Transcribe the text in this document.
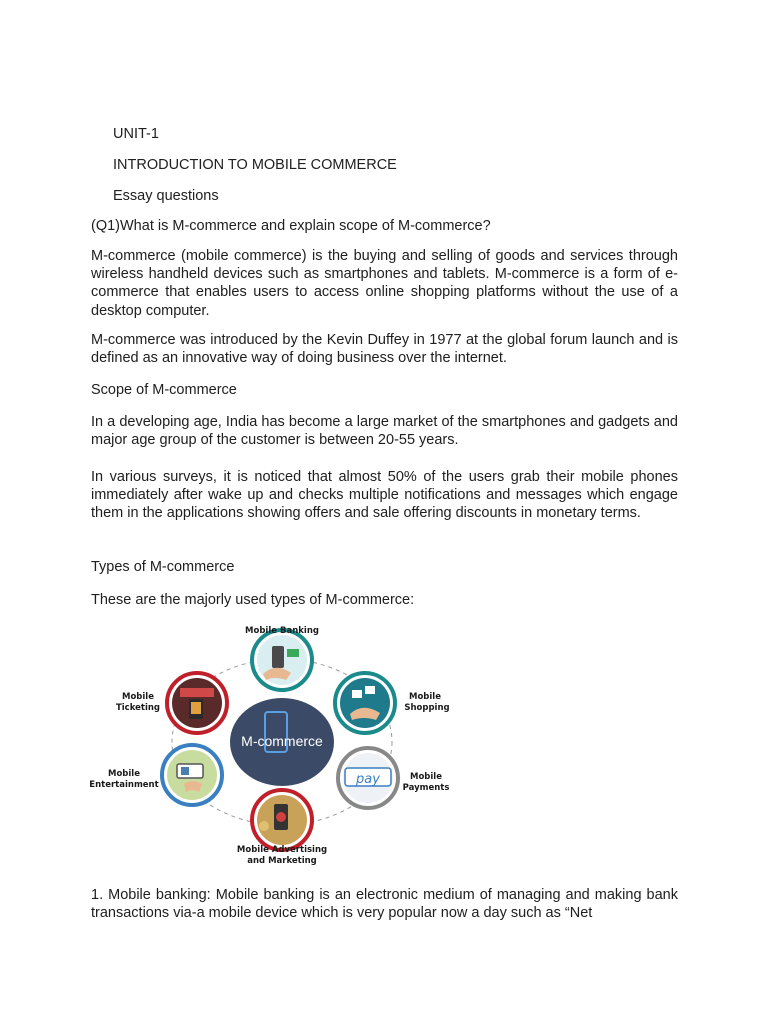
UNIT-1
INTRODUCTION TO MOBILE COMMERCE
Essay questions
(Q1)What is M-commerce and explain scope of M-commerce?

M-commerce (mobile commerce) is the buying and selling of goods and services through wireless handheld devices such as smartphones and tablets. M-commerce is a form of e-commerce that enables users to access online shopping platforms without the use of a desktop computer.

M-commerce was introduced by the Kevin Duffey in 1977 at the global forum launch and is defined as an innovative way of doing business over the internet.

Scope of M-commerce

In a developing age, India has become a large market of the smartphones and gadgets and major age group of the customer is between 20-55 years.

In various surveys, it is noticed that almost 50% of the users grab their mobile phones immediately after wake up and checks multiple notifications and messages which engage them in the applications showing offers and sale offering discounts in monetary terms.

Types of M-commerce
These are the majorly used types of M-commerce:
M-commerce
Mobile Banking
Mobile
Shopping
pay	Mobile
Payments
Mobile Advertising
and Marketing
Mobile
Entertainment
Mobile
Ticketing

1. Mobile banking: Mobile banking is an electronic medium of managing and making bank transactions via-a mobile device which is very popular now a day such as “Net
